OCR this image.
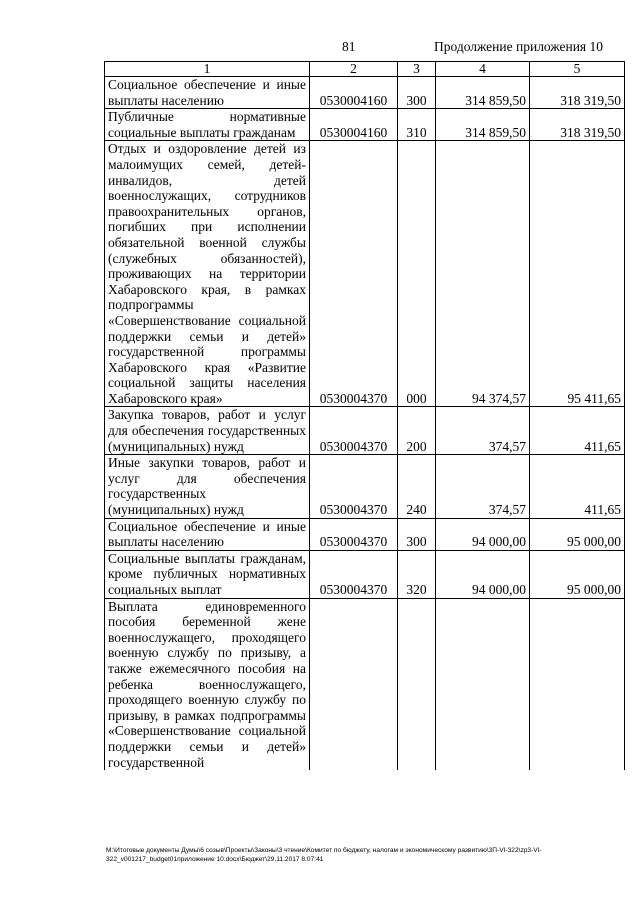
81	Продолжение приложения 10
1	2	3	4	5
Социальное обеспечение и иные выплаты населению	0530004160	300	314 859,50	318 319,50
Публичные нормативные социальные выплаты гражданам	0530004160	310	314 859,50	318 319,50
Отдых и оздоровление детей из малоимущих семей, детей-инвалидов, детей военнослужащих, сотрудников правоохранительных органов, погибших при исполнении обязательной военной службы (служебных обязанностей), проживающих на территории Хабаровского края, в рамках подпрограммы «Совершенствование социальной поддержки семьи и детей» государственной программы Хабаровского края «Развитие социальной защиты населения Хабаровского края»	0530004370	000	94 374,57	95 411,65
Закупка товаров, работ и услуг для обеспечения государственных (муниципальных) нужд	0530004370	200	374,57	411,65
Иные закупки товаров, работ и услуг для обеспечения государственных (муниципальных) нужд	0530004370	240	374,57	411,65
Социальное обеспечение и иные выплаты населению	0530004370	300	94 000,00	95 000,00
Социальные выплаты гражданам, кроме публичных нормативных социальных выплат	0530004370	320	94 000,00	95 000,00
Выплата единовременного пособия беременной жене военнослужащего, проходящего военную службу по призыву, а также ежемесячного пособия на ребенка военнослужащего, проходящего военную службу по призыву, в рамках подпрограммы «Совершенствование социальной поддержки семьи и детей» государственной				
M:\Итоговые документы Думы\6 созыв\Проекты\Законы\3 чтение\Комитет по бюджету, налогам и экономическому развитию\3П-VI-322\zp3-VI-322_v001217_budget01приложение 10.docx\Бюджет\29.11.2017 8:07:41
